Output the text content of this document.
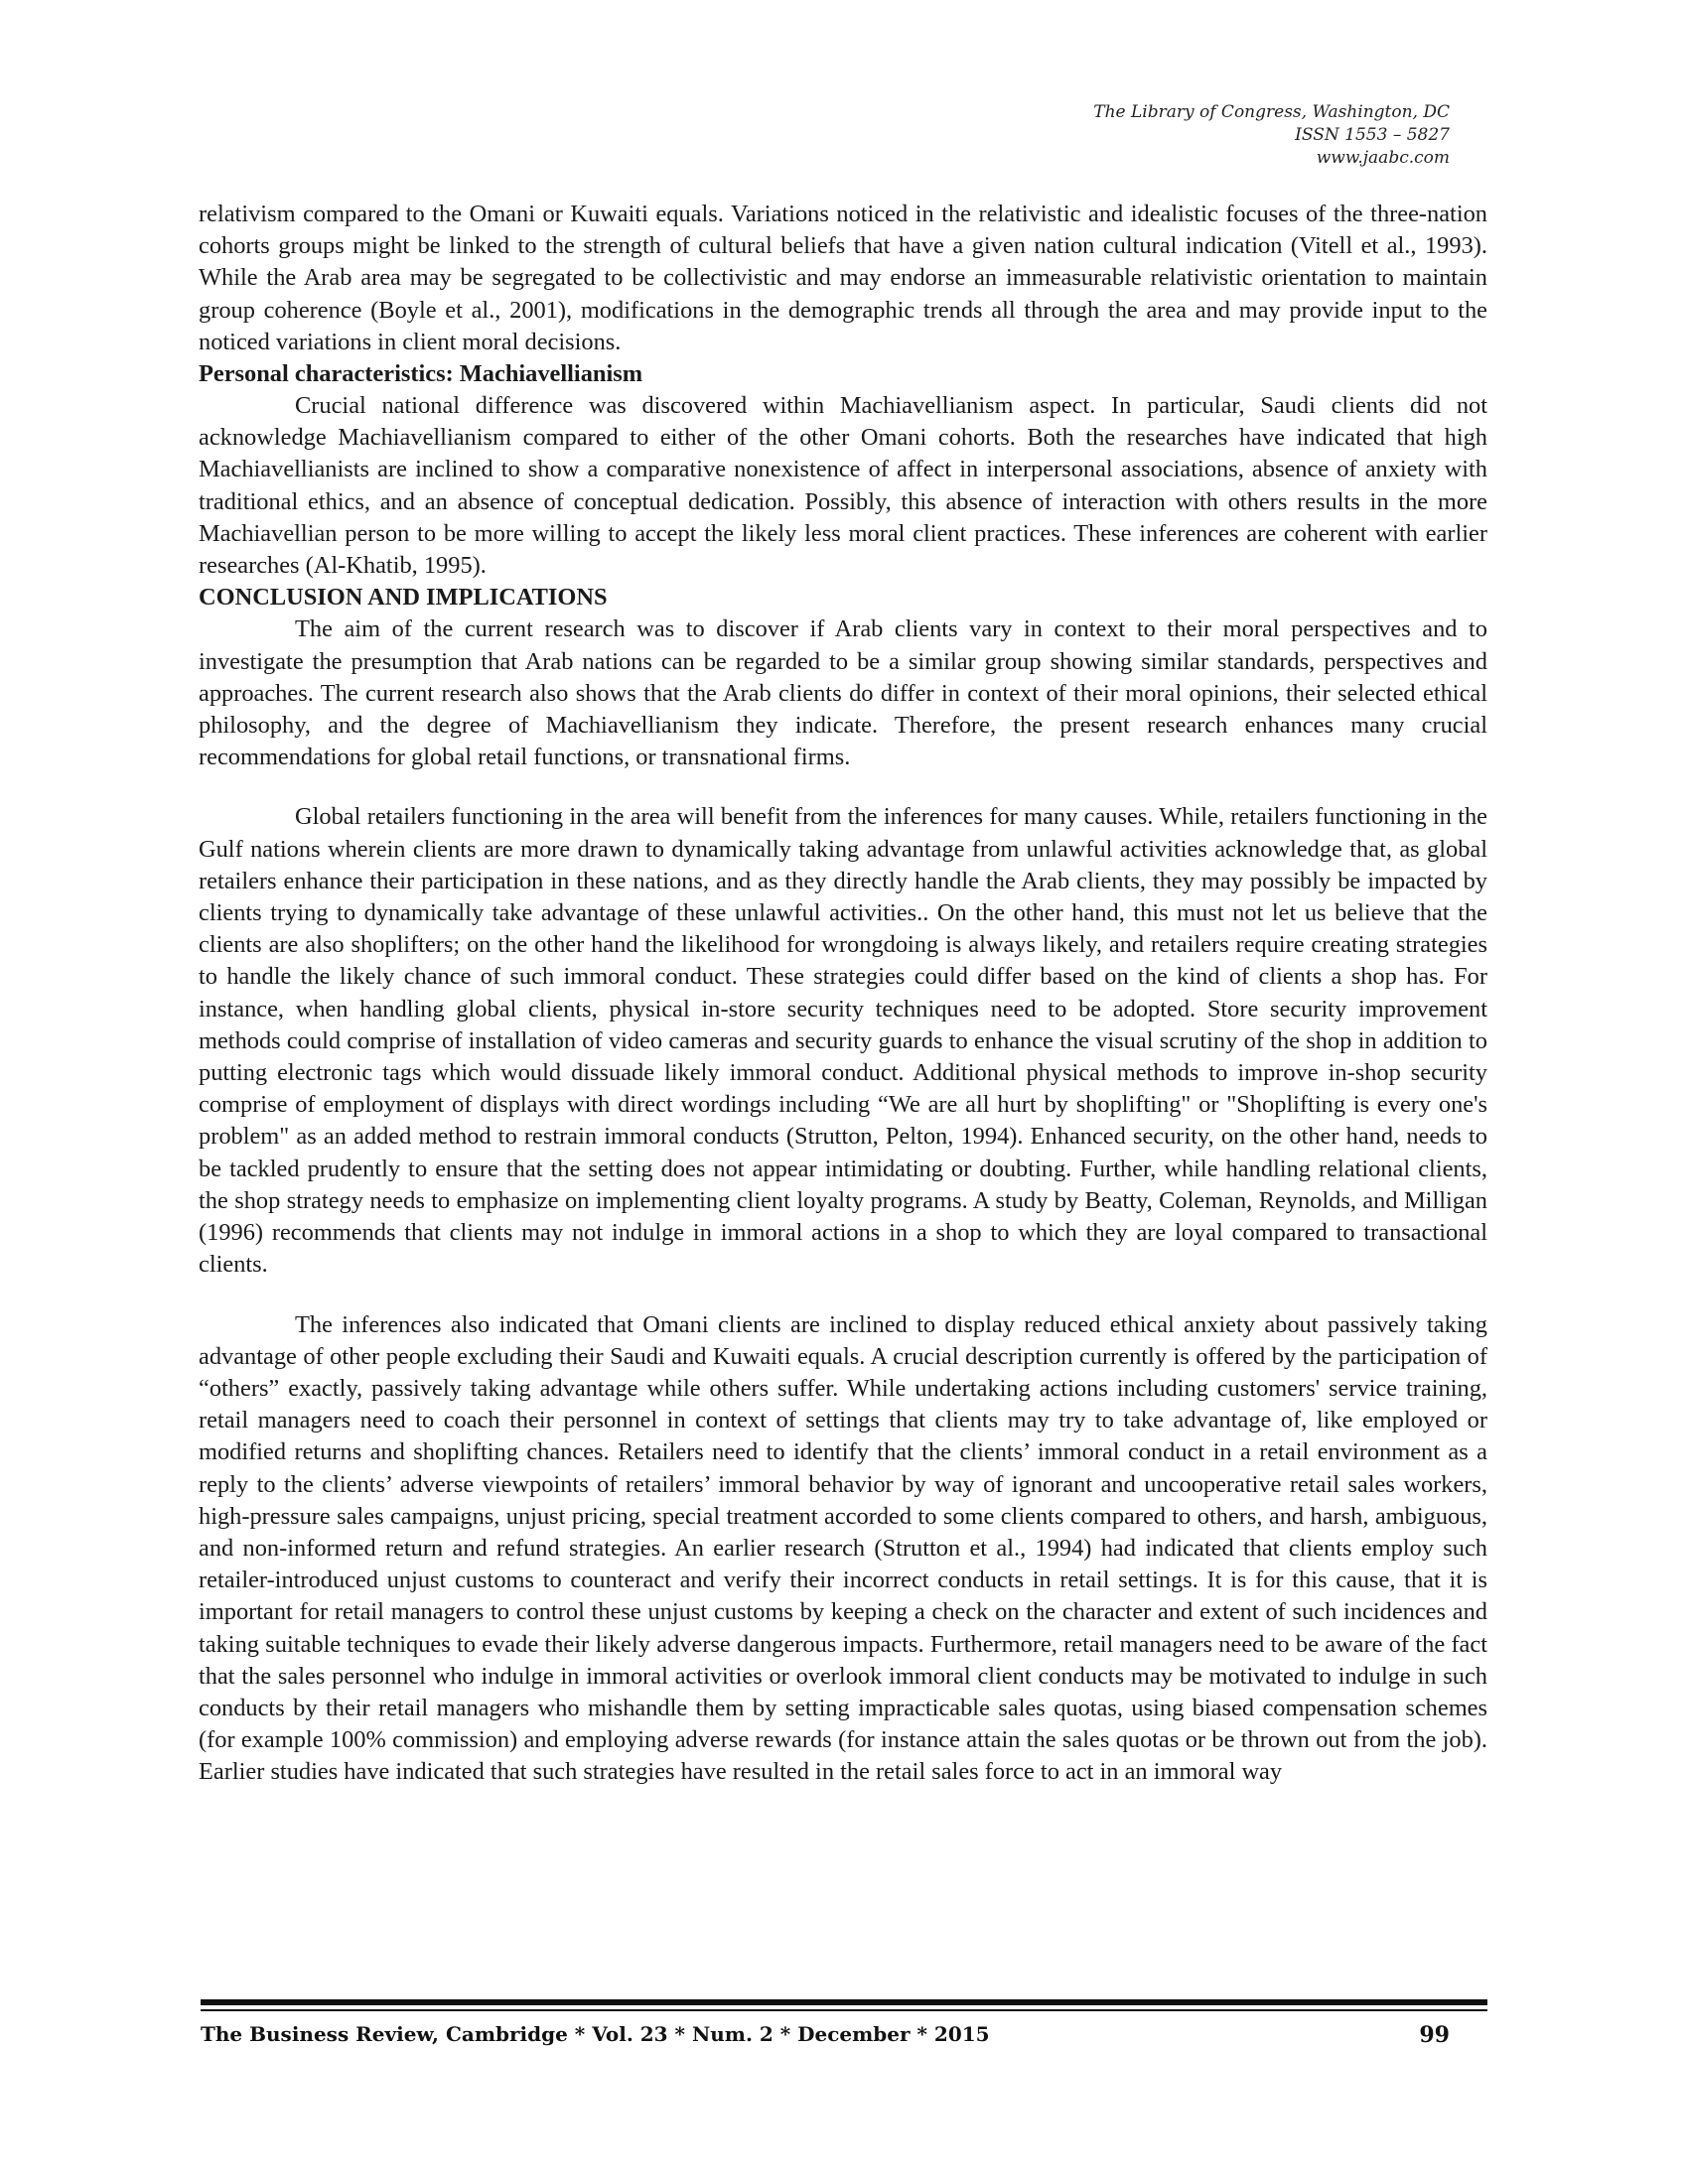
The Library of Congress, Washington, DC
ISSN 1553 – 5827
www.jaabc.com

relativism compared to the Omani or Kuwaiti equals. Variations noticed in the relativistic and idealistic focuses of the three-nation cohorts groups might be linked to the strength of cultural beliefs that have a given nation cultural indication (Vitell et al., 1993). While the Arab area may be segregated to be collectivistic and may endorse an immeasurable relativistic orientation to maintain group coherence (Boyle et al., 2001), modifications in the demographic trends all through the area and may provide input to the noticed variations in client moral decisions.

Personal characteristics: Machiavellianism

Crucial national difference was discovered within Machiavellianism aspect. In particular, Saudi clients did not acknowledge Machiavellianism compared to either of the other Omani cohorts. Both the researches have indicated that high Machiavellianists are inclined to show a comparative nonexistence of affect in interpersonal associations, absence of anxiety with traditional ethics, and an absence of conceptual dedication. Possibly, this absence of interaction with others results in the more Machiavellian person to be more willing to accept the likely less moral client practices. These inferences are coherent with earlier researches (Al-Khatib, 1995).

CONCLUSION AND IMPLICATIONS

The aim of the current research was to discover if Arab clients vary in context to their moral perspectives and to investigate the presumption that Arab nations can be regarded to be a similar group showing similar standards, perspectives and approaches. The current research also shows that the Arab clients do differ in context of their moral opinions, their selected ethical philosophy, and the degree of Machiavellianism they indicate. Therefore, the present research enhances many crucial recommendations for global retail functions, or transnational firms.

Global retailers functioning in the area will benefit from the inferences for many causes. While, retailers functioning in the Gulf nations wherein clients are more drawn to dynamically taking advantage from unlawful activities acknowledge that, as global retailers enhance their participation in these nations, and as they directly handle the Arab clients, they may possibly be impacted by clients trying to dynamically take advantage of these unlawful activities.. On the other hand, this must not let us believe that the clients are also shoplifters; on the other hand the likelihood for wrongdoing is always likely, and retailers require creating strategies to handle the likely chance of such immoral conduct. These strategies could differ based on the kind of clients a shop has. For instance, when handling global clients, physical in-store security techniques need to be adopted. Store security improvement methods could comprise of installation of video cameras and security guards to enhance the visual scrutiny of the shop in addition to putting electronic tags which would dissuade likely immoral conduct. Additional physical methods to improve in-shop security comprise of employment of displays with direct wordings including “We are all hurt by shoplifting" or "Shoplifting is every one's problem" as an added method to restrain immoral conducts (Strutton, Pelton, 1994). Enhanced security, on the other hand, needs to be tackled prudently to ensure that the setting does not appear intimidating or doubting. Further, while handling relational clients, the shop strategy needs to emphasize on implementing client loyalty programs. A study by Beatty, Coleman, Reynolds, and Milligan (1996) recommends that clients may not indulge in immoral actions in a shop to which they are loyal compared to transactional clients.

The inferences also indicated that Omani clients are inclined to display reduced ethical anxiety about passively taking advantage of other people excluding their Saudi and Kuwaiti equals. A crucial description currently is offered by the participation of “others” exactly, passively taking advantage while others suffer. While undertaking actions including customers' service training, retail managers need to coach their personnel in context of settings that clients may try to take advantage of, like employed or modified returns and shoplifting chances. Retailers need to identify that the clients’ immoral conduct in a retail environment as a reply to the clients’ adverse viewpoints of retailers’ immoral behavior by way of ignorant and uncooperative retail sales workers, high-pressure sales campaigns, unjust pricing, special treatment accorded to some clients compared to others, and harsh, ambiguous, and non-informed return and refund strategies. An earlier research (Strutton et al., 1994) had indicated that clients employ such retailer-introduced unjust customs to counteract and verify their incorrect conducts in retail settings. It is for this cause, that it is important for retail managers to control these unjust customs by keeping a check on the character and extent of such incidences and taking suitable techniques to evade their likely adverse dangerous impacts. Furthermore, retail managers need to be aware of the fact that the sales personnel who indulge in immoral activities or overlook immoral client conducts may be motivated to indulge in such conducts by their retail managers who mishandle them by setting impracticable sales quotas, using biased compensation schemes (for example 100% commission) and employing adverse rewards (for instance attain the sales quotas or be thrown out from the job). Earlier studies have indicated that such strategies have resulted in the retail sales force to act in an immoral way

The Business Review, Cambridge * Vol. 23 * Num. 2 * December * 2015	99
